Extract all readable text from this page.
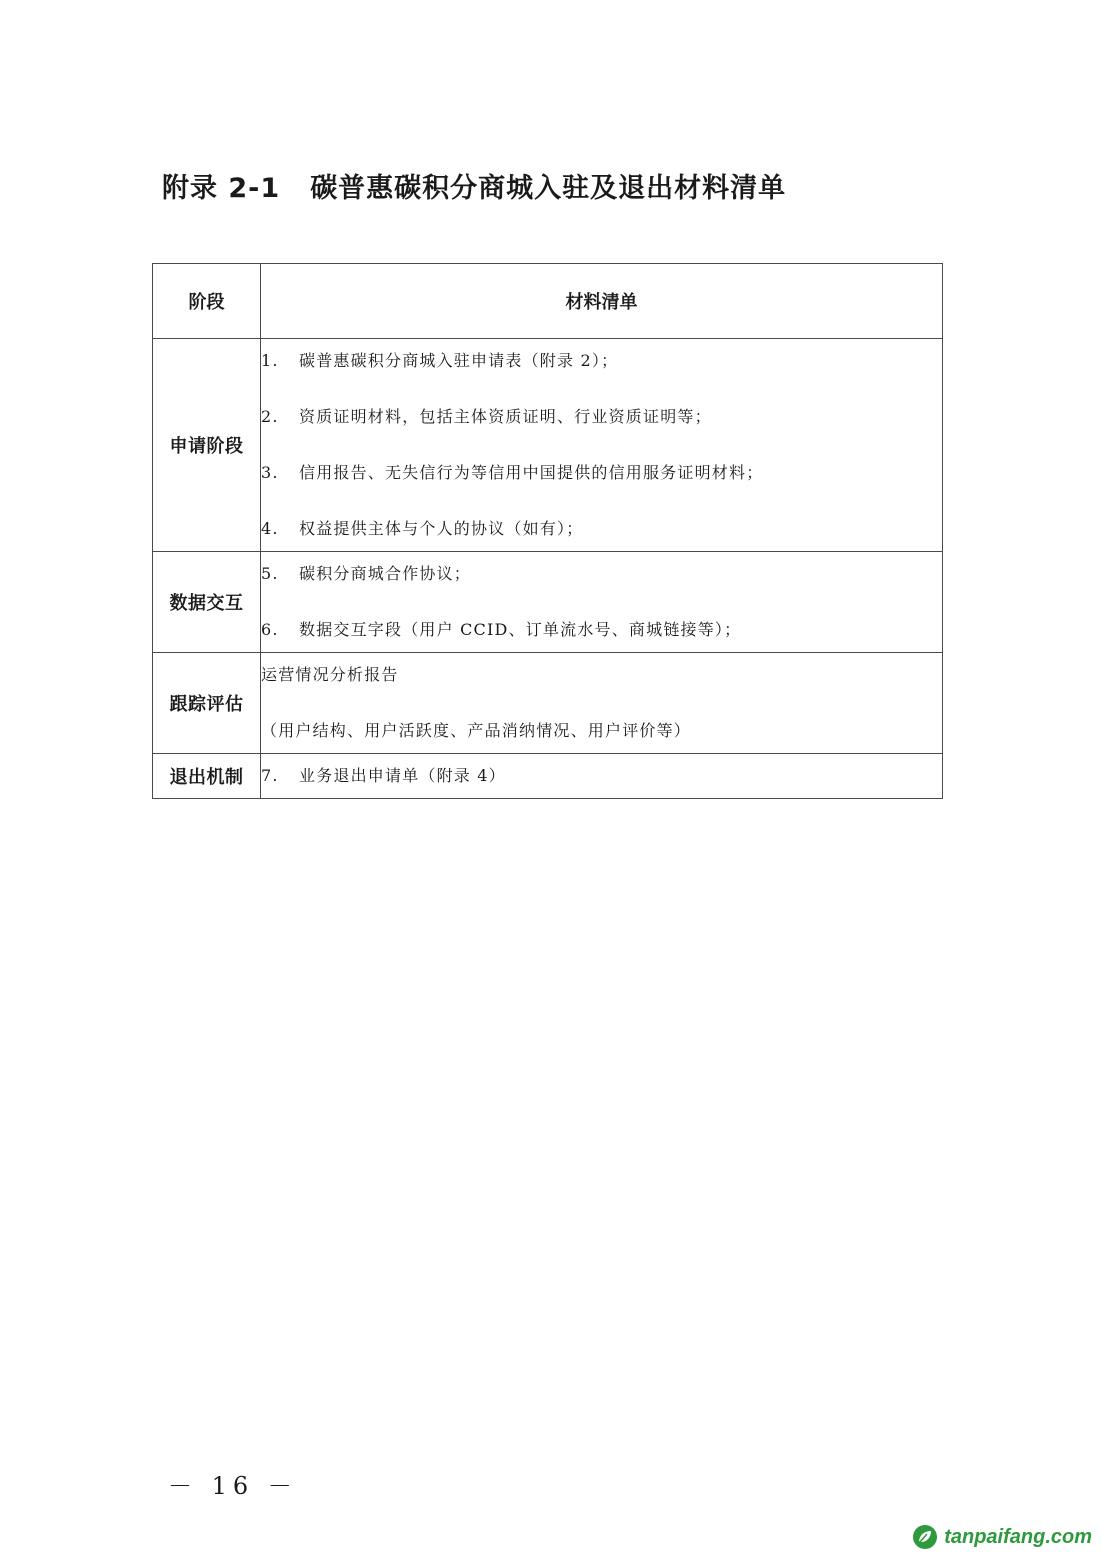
附录 2-1 碳普惠碳积分商城入驻及退出材料清单
阶段	材料清单
申请阶段	1. 碳普惠碳积分商城入驻申请表（附录 2）；
2. 资质证明材料，包括主体资质证明、行业资质证明等；
3. 信用报告、无失信行为等信用中国提供的信用服务证明材料；
4. 权益提供主体与个人的协议（如有）；

数据交互	5. 碳积分商城合作协议；
6. 数据交互字段（用户 CCID、订单流水号、商城链接等）；

跟踪评估	运营情况分析报告
（用户结构、用户活跃度、产品消纳情况、用户评价等）

退出机制	7. 业务退出申请单（附录 4）
－ 16 －
tanpaifang.com
